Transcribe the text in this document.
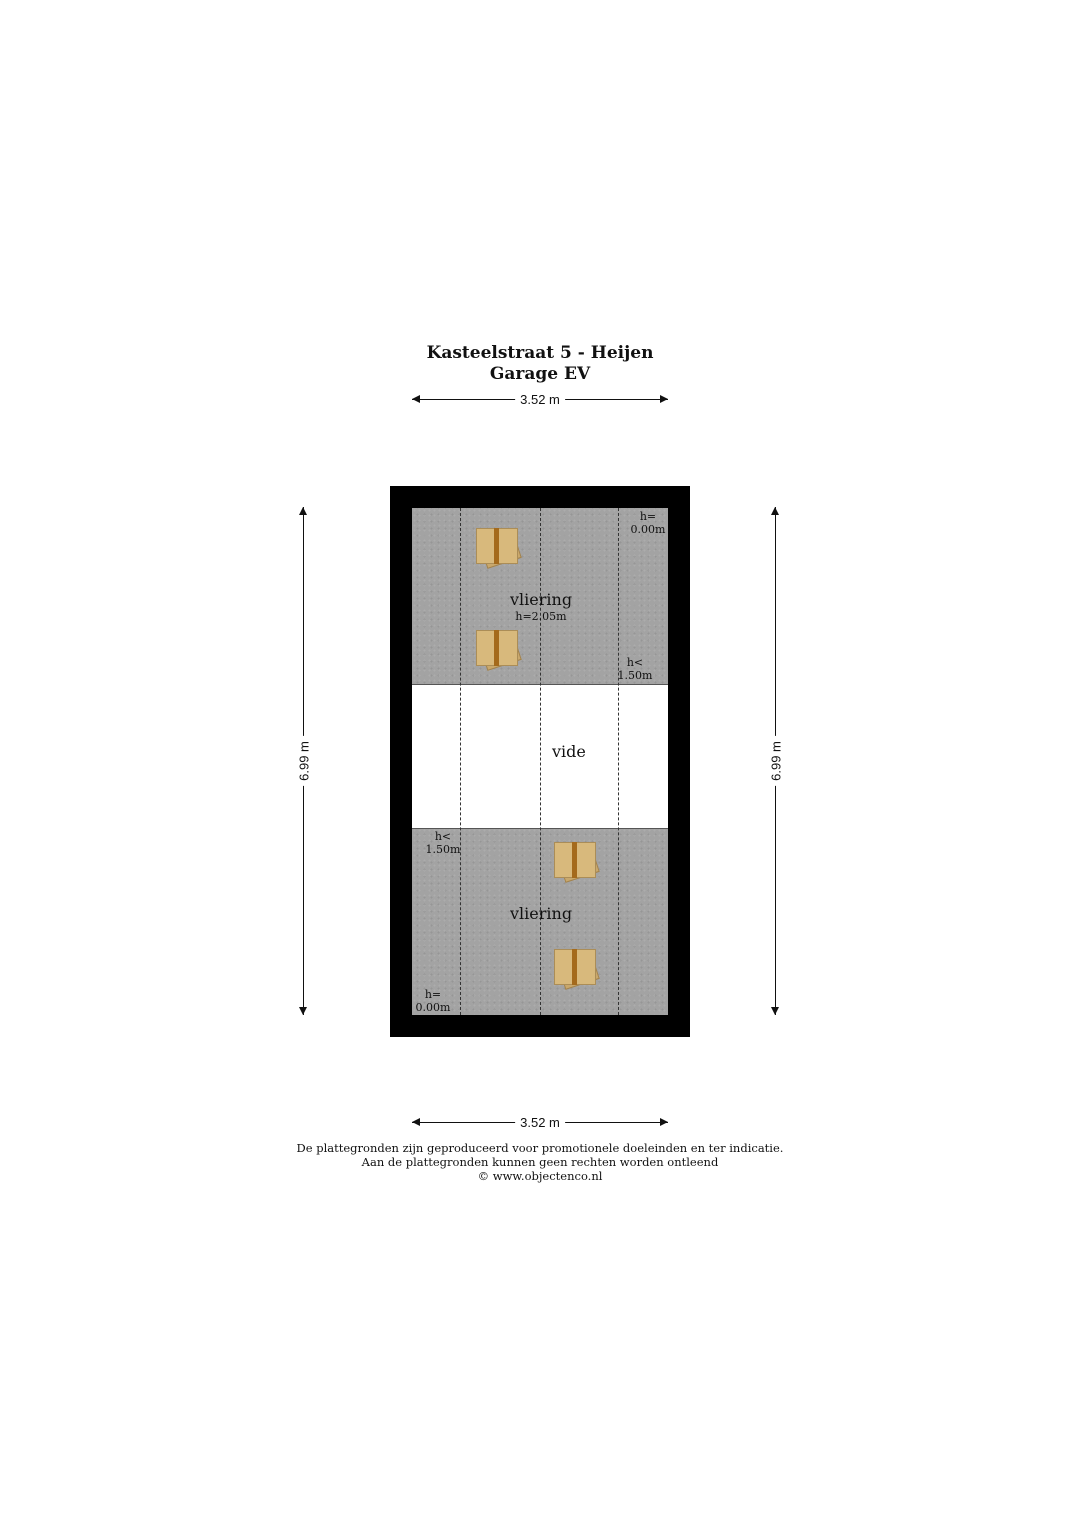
Kasteelstraat 5 - Heijen
Garage EV
3.52 m
6.99 m	6.99 m
h=
0.00m
vliering
h=2.05m
h<
1.50m
vide
h<
1.50m
vliering
h=
0.00m
3.52 m
De plattegronden zijn geproduceerd voor promotionele doeleinden en ter indicatie.
Aan de plattegronden kunnen geen rechten worden ontleend
© www.objectenco.nl
